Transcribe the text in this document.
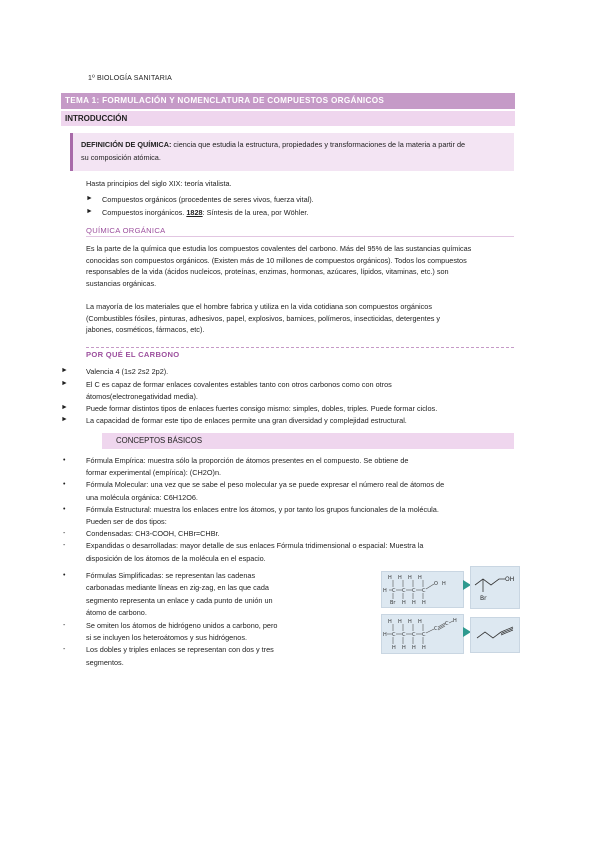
1º BIOLOGÍA SANITARIA
TEMA 1: FORMULACIÓN Y NOMENCLATURA DE COMPUESTOS ORGÁNICOS
INTRODUCCIÓN
DEFINICIÓN DE QUÍMICA: ciencia que estudia la estructura, propiedades y transformaciones de la materia a partir de
su composición atómica.
Hasta principios del siglo XIX: teoría vitalista.
► Compuestos orgánicos (procedentes de seres vivos, fuerza vital).
► Compuestos inorgánicos. 1828: Síntesis de la urea, por Wöhler.
QUÍMICA ORGÁNICA
Es la parte de la química que estudia los compuestos covalentes del carbono. Más del 95% de las sustancias químicas
conocidas son compuestos orgánicos. (Existen más de 10 millones de compuestos orgánicos). Todos los compuestos
responsables de la vida (ácidos nucleicos, proteínas, enzimas, hormonas, azúcares, lípidos, vitaminas, etc.) son
sustancias orgánicas.
La mayoría de los materiales que el hombre fabrica y utiliza en la vida cotidiana son compuestos orgánicos
(Combustibles fósiles, pinturas, adhesivos, papel, explosivos, barnices, polímeros, insecticidas, detergentes y
jabones, cosméticos, fármacos, etc).
POR QUÉ EL CARBONO
► Valencia 4 (1s2 2s2 2p2).
► El C es capaz de formar enlaces covalentes estables tanto con otros carbonos como con otros
átomos(electronegatividad media).
► Puede formar distintos tipos de enlaces fuertes consigo mismo: simples, dobles, triples. Puede formar ciclos.
► La capacidad de formar este tipo de enlaces permite una gran diversidad y complejidad estructural.
CONCEPTOS BÁSICOS
•	Fórmula Empírica: muestra sólo la proporción de átomos presentes en el compuesto. Se obtiene de
formar experimental (empírica): (CH2O)n.
•	Fórmula Molecular: una vez que se sabe el peso molecular ya se puede expresar el número real de átomos de
una molécula orgánica: C6H12O6.
•	Fórmula Estructural: muestra los enlaces entre los átomos, y por tanto los grupos funcionales de la molécula.
Pueden ser de dos tipos:
-	Condensadas: CH3-COOH, CHBr=CHBr.
-	Expandidas o desarrolladas: mayor detalle de sus enlaces Fórmula tridimensional o espacial: Muestra la
disposición de los átomos de la molécula en el espacio.
•	Fórmulas Simplificadas: se representan las cadenas
carbonadas mediante líneas en zig-zag, en las que cada
segmento representa un enlace y cada punto de unión un
átomo de carbono.
-	Se omiten los átomos de hidrógeno unidos a carbono, pero
si se incluyen los heteroátomos y sus hidrógenos.
-	Los dobles y triples enlaces se representan con dos y tres
segmentos.
H H H H
H C C C C
O H
Br H H H
OH
Br
H H H H
H C C C C
C
C H
H H H H
